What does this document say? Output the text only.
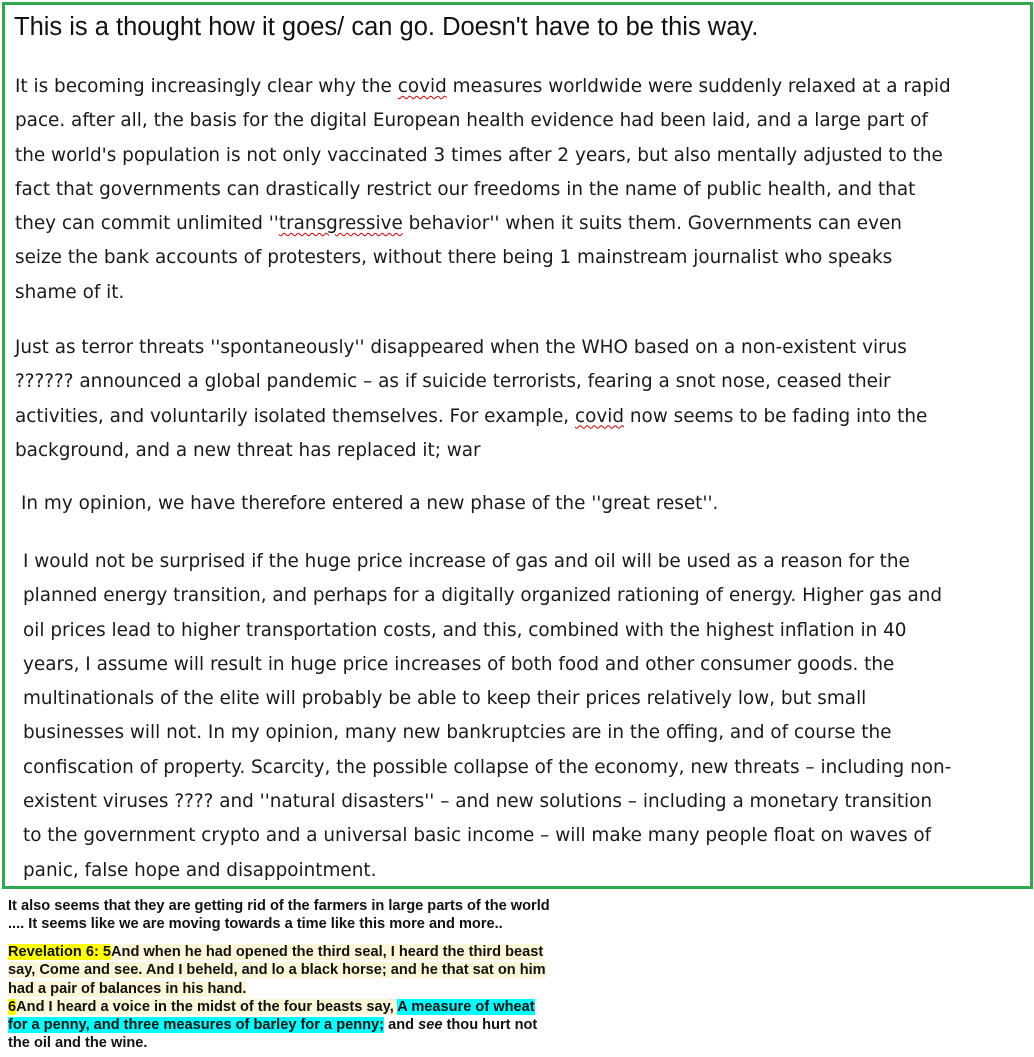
This is a thought how it goes/ can go. Doesn't have to be this way.

It is becoming increasingly clear why the covid measures worldwide were suddenly relaxed at a rapid
pace. after all, the basis for the digital European health evidence had been laid, and a large part of
the world's population is not only vaccinated 3 times after 2 years, but also mentally adjusted to the
fact that governments can drastically restrict our freedoms in the name of public health, and that
they can commit unlimited ''transgressive behavior'' when it suits them. Governments can even
seize the bank accounts of protesters, without there being 1 mainstream journalist who speaks
shame of it.

Just as terror threats ''spontaneously'' disappeared when the WHO based on a non-existent virus
?????? announced a global pandemic – as if suicide terrorists, fearing a snot nose, ceased their
activities, and voluntarily isolated themselves. For example, covid now seems to be fading into the
background, and a new threat has replaced it; war

In my opinion, we have therefore entered a new phase of the ''great reset''.

I would not be surprised if the huge price increase of gas and oil will be used as a reason for the
planned energy transition, and perhaps for a digitally organized rationing of energy. Higher gas and
oil prices lead to higher transportation costs, and this, combined with the highest inflation in 40
years, I assume will result in huge price increases of both food and other consumer goods. the
multinationals of the elite will probably be able to keep their prices relatively low, but small
businesses will not. In my opinion, many new bankruptcies are in the offing, and of course the
confiscation of property. Scarcity, the possible collapse of the economy, new threats – including non-
existent viruses ???? and ''natural disasters'' – and new solutions – including a monetary transition
to the government crypto and a universal basic income – will make many people float on waves of
panic, false hope and disappointment.

It also seems that they are getting rid of the farmers in large parts of the world
.... It seems like we are moving towards a time like this more and more..
Revelation 6: 5And when he had opened the third seal, I heard the third beast
say, Come and see. And I beheld, and lo a black horse; and he that sat on him
had a pair of balances in his hand.
6And I heard a voice in the midst of the four beasts say, A measure of wheat
for a penny, and three measures of barley for a penny; and see thou hurt not
the oil and the wine.
